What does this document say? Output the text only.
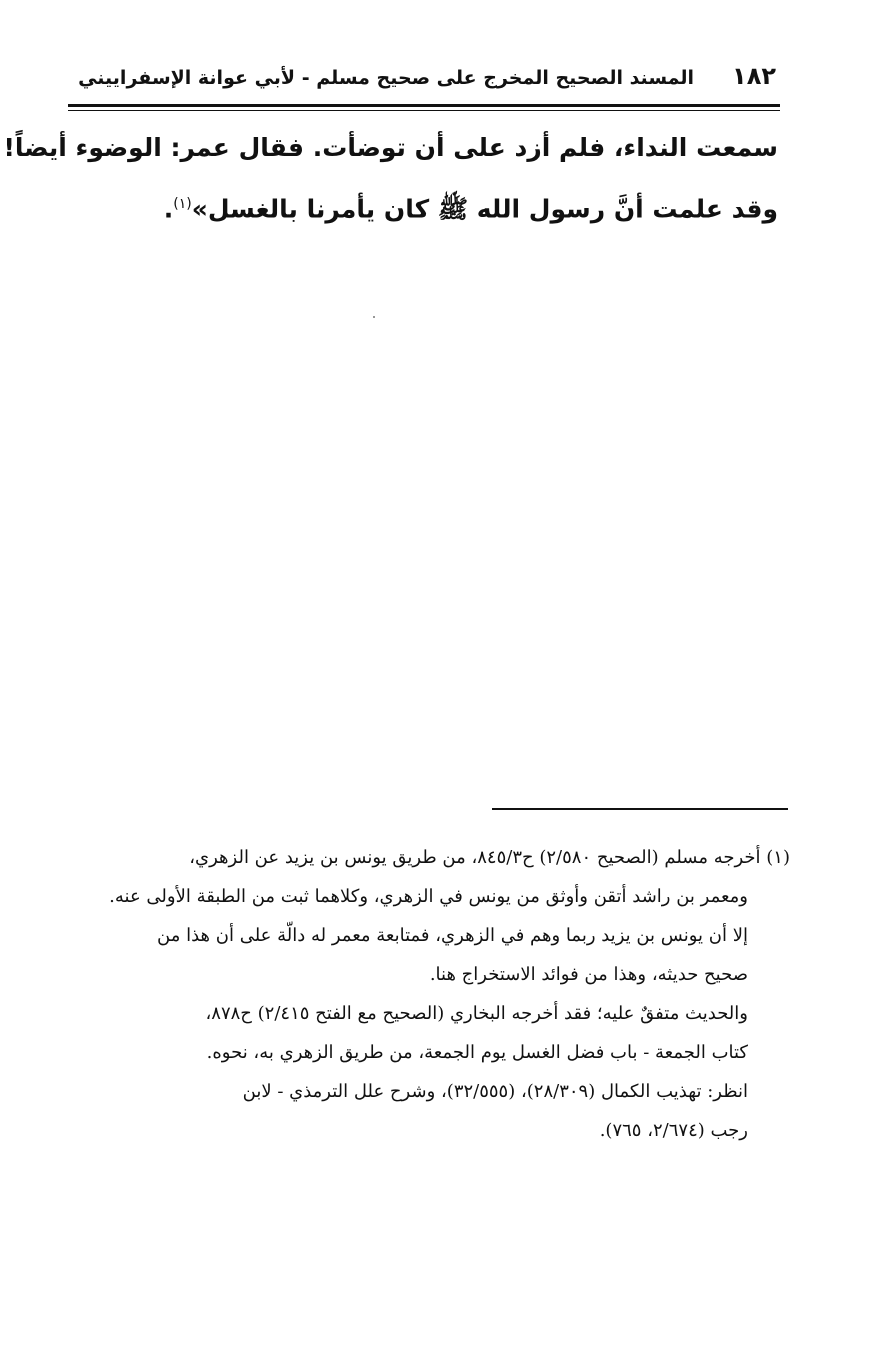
١٨٢
المسند الصحيح المخرج على صحيح مسلم - لأبي عوانة الإسفراييني
سمعت النداء، فلم أزد على أن توضأت. فقال عمر: الوضوء أيضاً!
وقد علمت أنَّ رسول الله ﷺ كان يأمرنا بالغسل»$^{(١)}$.
(١) أخرجه مسلم (الصحيح ٢/٥٨٠) ح٨٤٥/٣، من طريق يونس بن يزيد عن الزهري،
ومعمر بن راشد أتقن وأوثق من يونس في الزهري، وكلاهما ثبت من الطبقة الأولى عنه.
إلا أن يونس بن يزيد ربما وهم في الزهري، فمتابعة معمر له دالّة على أن هذا من
صحيح حديثه، وهذا من فوائد الاستخراج هنا.
والحديث متفقٌ عليه؛ فقد أخرجه البخاري (الصحيح مع الفتح ٢/٤١٥) ح٨٧٨،
كتاب الجمعة - باب فضل الغسل يوم الجمعة، من طريق الزهري به، نحوه.
انظر: تهذيب الكمال (٢٨/٣٠٩)، (٣٢/٥٥٥)، وشرح علل الترمذي - لابن
رجب (٢/٦٧٤، ٧٦٥).
